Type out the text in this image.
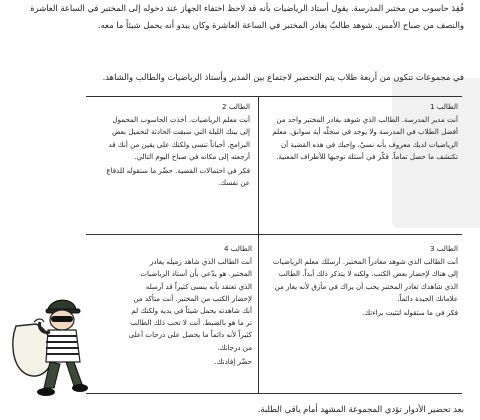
فُقِدَ حاسوب من مختبر المدرسة. يقول أستاذ الرياضيات بأنه قد لاحظ اختفاء الجهاز عند دخوله إلى المختبر في الساعة العاشرة والنصف من صباح الأمس. شوهد طالبٌ يغادر المختبر في الساعة العاشرة وكان يبدو أنه يحمل شيئاً ما معه.

في مجموعات تتكون من أربعة طلاب يتم التحضير لاجتماع بين المدير وأستاذ الرياضيات والطالب والشاهد.
الطالب 1

أنت مدير المدرسة. الطالب الذي شوهد يغادر المختبر واحد من أفضل الطلاب في المدرسة ولا يوجد في سجلّه أية سوابق. معلم الرياضيات لديك معروف بأنه نسيّ، وإجبك في هذه القضية أن تكتشف ما حصل تماماً. فكّر في أسئلة توجيها للأطراف المعنية.

الطالب 2

أنت معلم الرياضيات. أخذت الحاسوب المحمول إلى بيتك الليلة التي سبقت الحادثة لتحميل بعض البرامج. أحياناً تنسى ولكنك على يقين من أنك قد أرجعته إلى مكانه في صباح اليوم التالي.

فكر في احتمالات القضية. حضّر ما ستقوله للدفاع عن نفسك.

الطالب 3

أنت الطالب الذي شوهد مغادراً المختبر. أرسلك معلم الرياضيات إلى هناك لإحضار بعض الكتب. ولكنه لا يتذكر ذلك أبداً. الطالب الذي شاهدك تغادر المختبر يحب أن يراك في مأزق لأنه يغار من علاماتك الجيدة دائماً.

فكر في ما ستقوله لتثبت براءتك.

الطالب 4

أنت الطالب الذي شاهد زميله يغادر المختبر. هو يدّعي بأن أستاذ الرياضيات الذي تعتقد بأنه ينسى كثيراً قد أرسله لإحضار الكتب من المختبر. أنت متأكد من أنك شاهدته يحمل شيئاً في يديه ولكنك لم تر ما هو بالضبط. أنت لا تحب ذلك الطالب كثيراً لأنه دائماً ما يحصل على درجات أعلى من درجاتك.

حضّر إفادتك.

بعد تحضير الأدوار تؤدي المجموعة المشهد أمام باقي الطلبة.
